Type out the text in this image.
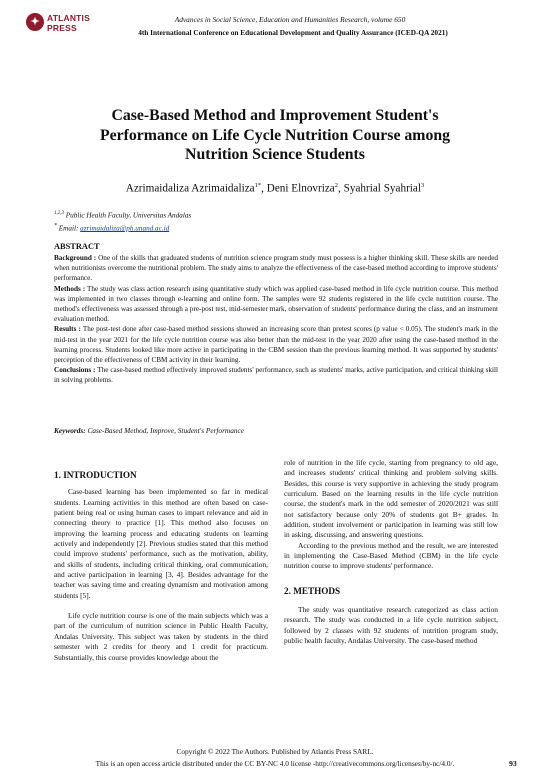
✦ ATLANTIS
PRESS
Advances in Social Science, Education and Humanities Research, volume 650
4th International Conference on Educational Development and Quality Assurance (ICED-QA 2021)
Case-Based Method and Improvement Student's
Performance on Life Cycle Nutrition Course among
Nutrition Science Students
Azrimaidaliza Azrimaidaliza$^{1*}$, Deni Elnovriza$^2$, Syahrial Syahrial$^3$
$^{1,2,3}$ Public Health Faculty, Universitas Andalas
* Email: azrimaidaliza@ph.unand.ac.id
ABSTRACT

Background : One of the skills that graduated students of nutrition science program study must possess is a higher thinking skill. These skills are needed when nutritionists overcome the nutritional problem. The study aims to analyze the effectiveness of the case-based method according to improve students' performance.

Methods : The study was class action research using quantitative study which was applied case-based method in life cycle nutrition course. This method was implemented in two classes through e-learning and online form. The samples were 92 students registered in the life cycle nutrition course. The method's effectiveness was assessed through a pre-post test, mid-semester mark, observation of students' performance during the class, and an instrument evaluation method.

Results : The post-test done after case-based method sessions showed an increasing score than pretest scores (p value < 0.05). The student's mark in the mid-test in the year 2021 for the life cycle nutrition course was also better than the mid-test in the year 2020 after using the case-based method in the learning process. Students looked like more active in participating in the CBM session than the previous learning method. It was supported by students' perception of the effectiveness of CBM activity in their learning.

Conclusions : The case-based method effectively improved students' performance, such as students' marks, active participation, and critical thinking skill in solving problems.

Keywords: Case-Based Method, Improve, Student's Performance
1. INTRODUCTION

Case-based learning has been implemented so far in medical students. Learning activities in this method are often based on case-patient being real or using human cases to impart relevance and aid in connecting theory to practice [1]. This method also focuses on improving the learning process and educating students on learning actively and independently [2]. Previous studies stated that this method could improve students' performance, such as the motivation, ability, and skills of students, including critical thinking, oral communication, and active participation in learning [3, 4]. Besides advantage for the teacher was saving time and creating dynamism and motivation among students [5].

Life cycle nutrition course is one of the main subjects which was a part of the curriculum of nutrition science in Public Health Faculty, Andalas University. This subject was taken by students in the third semester with 2 credits for theory and 1 credit for practicum. Substantially, this course provides knowledge about the

role of nutrition in the life cycle, starting from pregnancy to old age, and increases students' critical thinking and problem solving skills. Besides, this course is very supportive in achieving the study program curriculum. Based on the learning results in the life cycle nutrition course, the student's mark in the odd semester of 2020/2021 was still not satisfactory because only 20% of students got B+ grades. In addition, student involvement or participation in learning was still low in asking, discussing, and answering questions.

According to the previous method and the result, we are interested in implementing the Case-Based Method (CBM) in the life cycle nutrition course to improve students' performance.

2. METHODS

The study was quantitative research categorized as class action research. The study was conducted in a life cycle nutrition subject, followed by 2 classes with 92 students of nutrition program study, public health faculty, Andalas University. The case-based method

Copyright © 2022 The Authors. Published by Atlantis Press SARL.
This is an open access article distributed under the CC BY-NC 4.0 license -http://creativecommons.org/licenses/by-nc/4.0/.	93
